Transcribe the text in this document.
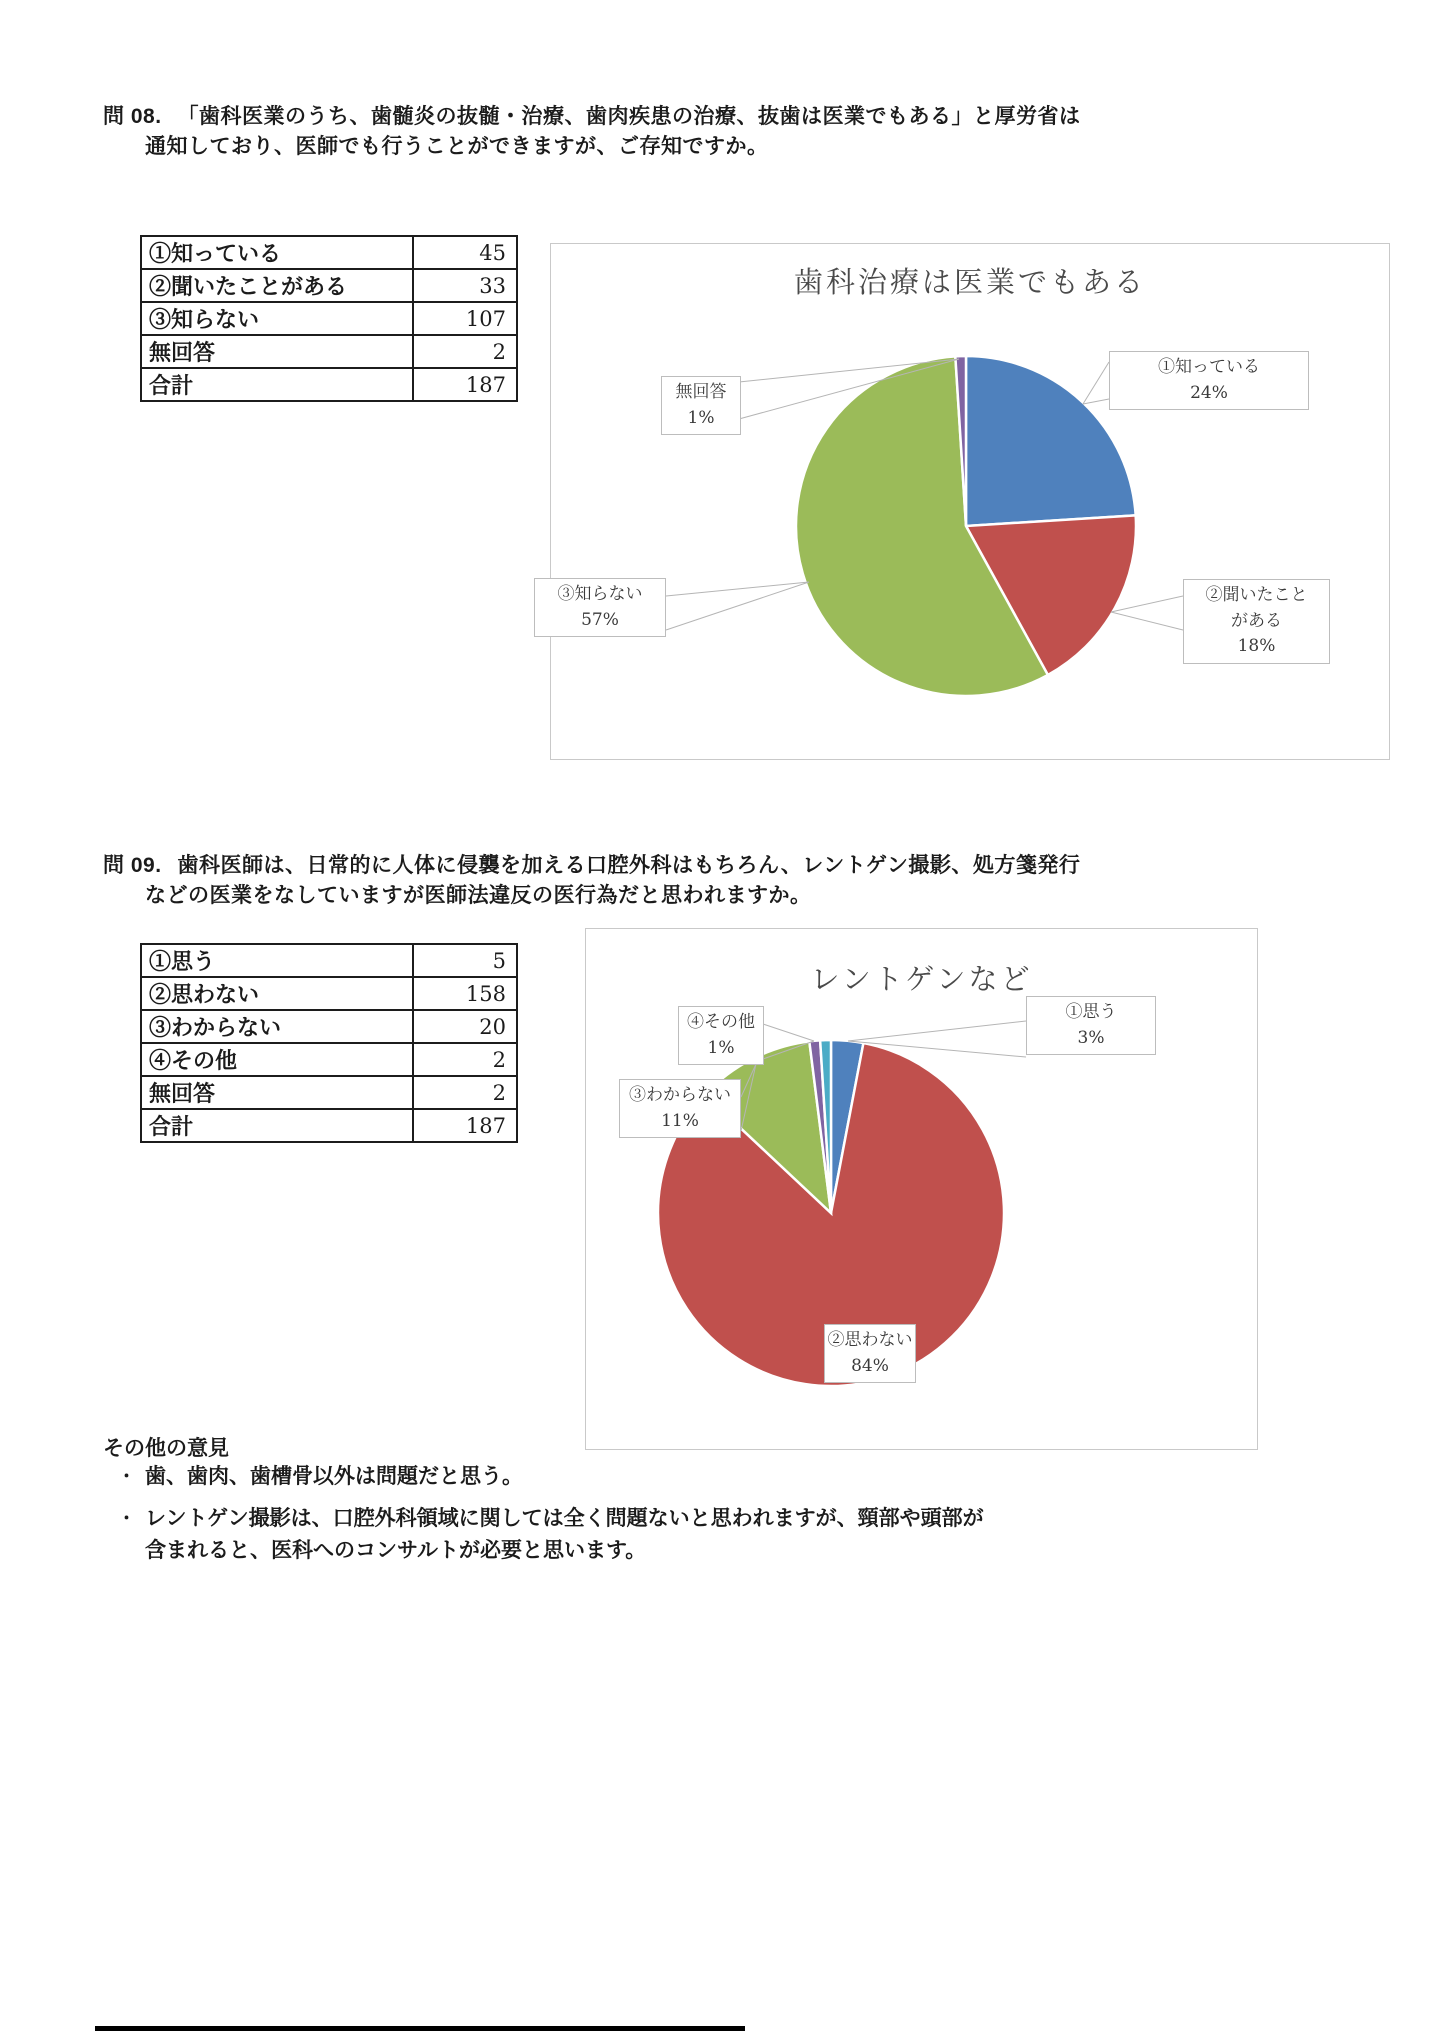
問 08. 「歯科医業のうち、歯髄炎の抜髄・治療、歯肉疾患の治療、抜歯は医業でもある」と厚労省は
通知しており、医師でも行うことができますが、ご存知ですか。
①知っている	45
②聞いたことがある	33
③知らない	107
無回答	2
合計	187
歯科治療は医業でもある
無回答
1%
①知っている
24%
②聞いたこと
がある
18%
③知らない
57%
問 09. 歯科医師は、日常的に人体に侵襲を加える口腔外科はもちろん、レントゲン撮影、処方箋発行
などの医業をなしていますが医師法違反の医行為だと思われますか。
①思う	5
②思わない	158
③わからない	20
④その他	2
無回答	2
合計	187
レントゲンなど
④その他
1%
③わからない
11%
①思う
3%
②思わない
84%
その他の意見
・ 歯、歯肉、歯槽骨以外は問題だと思う。
・ レントゲン撮影は、口腔外科領域に関しては全く問題ないと思われますが、頸部や頭部が
含まれると、医科へのコンサルトが必要と思います。
